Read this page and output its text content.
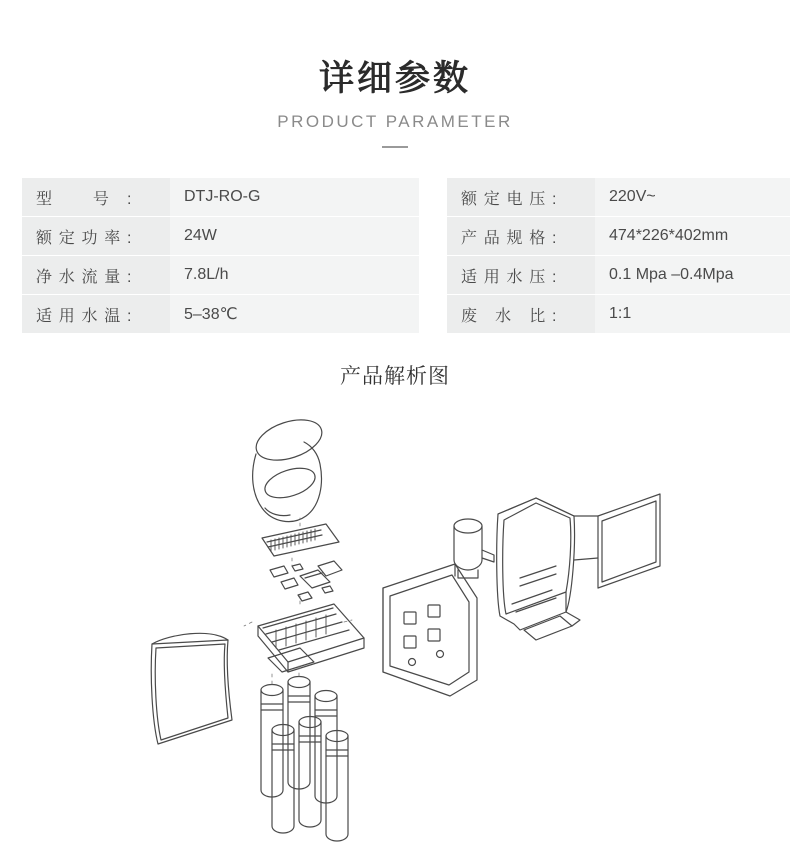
详细参数
PRODUCT PARAMETER
型 号:	DTJ-RO-G		额定电压:	220V~
额定功率:	24W		产品规格:	474*226*402mm
净水流量:	7.8L/h		适用水压:	0.1 Mpa –0.4Mpa
适用水温:	5–38℃		废 水 比:	1:1
产品解析图
